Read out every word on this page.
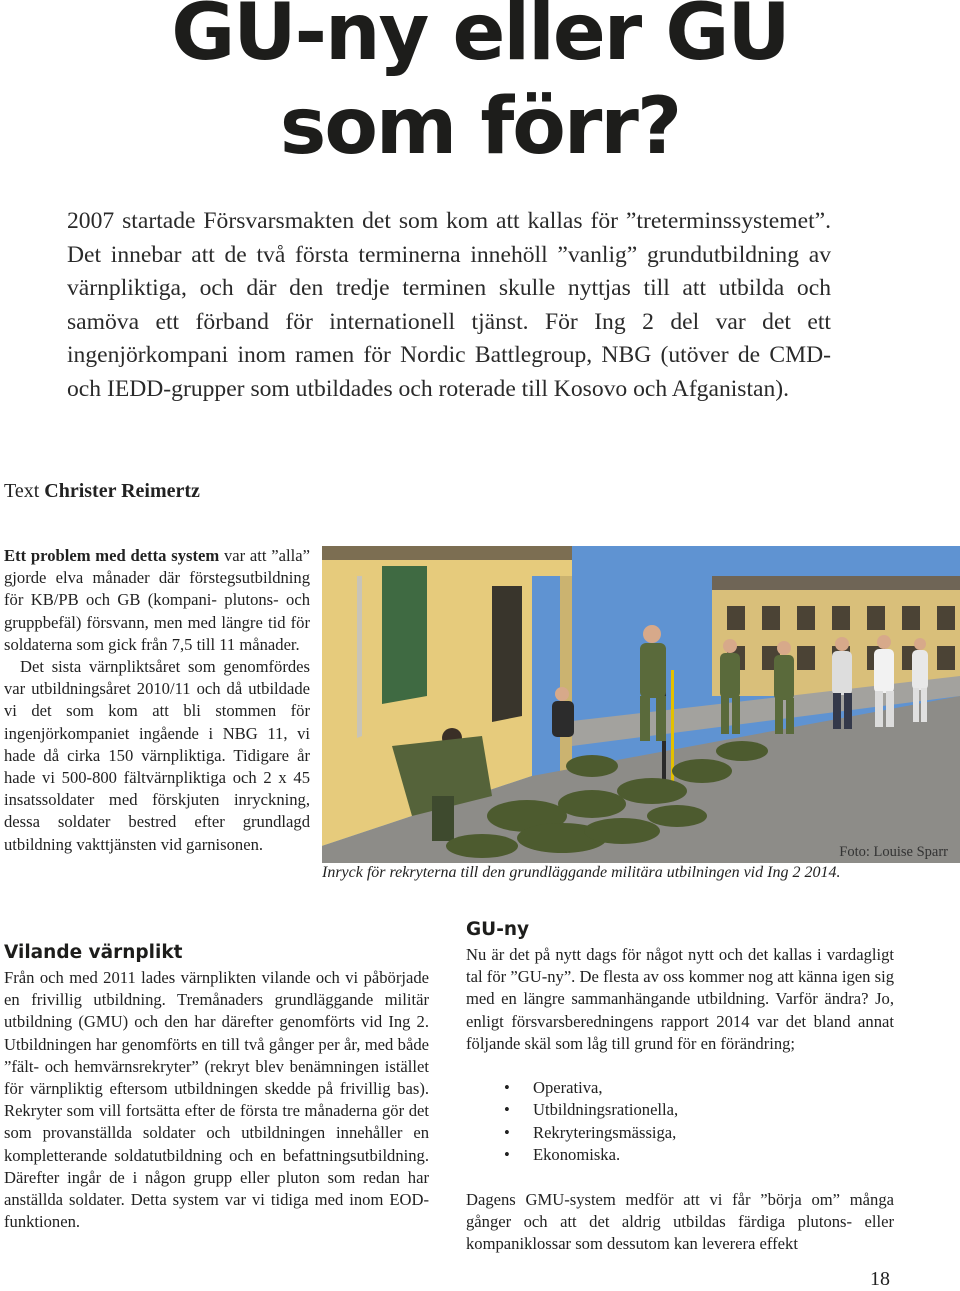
GU-ny eller GU
som förr?

2007 startade Försvarsmakten det som kom att kallas för ”treterminssystemet”. Det innebar att de två första terminerna innehöll ”vanlig” grundutbildning av värnpliktiga, och där den tredje terminen skulle nyttjas till att utbilda och samöva ett förband för internationell tjänst. För Ing 2 del var det ett ingenjörkompani inom ramen för Nordic Battlegroup, NBG (utöver de CMD- och IEDD-grupper som utbildades och roterade till Kosovo och Afganistan).

Text Christer Reimertz

Ett problem med detta system var att ”alla” gjorde elva månader där förstegsutbildning för KB/PB och GB (kompani- plutons- och gruppbefäl) försvann, men med längre tid för soldaterna som gick från 7,5 till 11 månader.

Det sista värnpliktsåret som genomfördes var utbildningsåret 2010/11 och då utbildade vi det som kom att bli stommen för ingenjörkompaniet ingående i NBG 11, vi hade då cirka 150 värnpliktiga. Tidigare år hade vi 500-800 fältvärnpliktiga och 2 x 45 insatssoldater med förskjuten inryckning, dessa soldater bestred efter grundlagd utbildning vakttjänsten vid garnisonen.

Vilande värnplikt

Från och med 2011 lades värnplikten vilande och vi påbörjade en frivillig utbildning. Tremånaders grundläggande militär utbildning (GMU) och den har därefter genomförts vid Ing 2. Utbildningen har genomförts en till två gånger per år, med både ”fält- och hemvärnsrekryter” (rekryt blev benämningen istället för värnpliktig eftersom utbildningen skedde på frivillig bas). Rekryter som vill fortsätta efter de första tre månaderna gör det som provanställda soldater och utbildningen innehåller en kompletterande soldatutbildning och en befattningsutbildning. Därefter ingår de i någon grupp eller pluton som redan har anställda soldater. Detta system var vi tidiga med inom EOD-funktionen.

Foto: Louise Sparr
Inryck för rekryterna till den grundläggande militära utbilningen vid Ing 2 2014.
GU-ny

Nu är det på nytt dags för något nytt och det kallas i vardagligt tal för ”GU-ny”. De flesta av oss kommer nog att känna igen sig med en längre sammanhängande utbildning. Varför ändra? Jo, enligt försvarsberedningens rapport 2014 var det bland annat följande skäl som låg till grund för en förändring;

• Operativa,
• Utbildningsrationella,
• Rekryteringsmässiga,
• Ekonomiska.

Dagens GMU-system medför att vi får ”börja om” många gånger och att det aldrig utbildas färdiga plutons- eller kompaniklossar som dessutom kan leverera effekt

18
